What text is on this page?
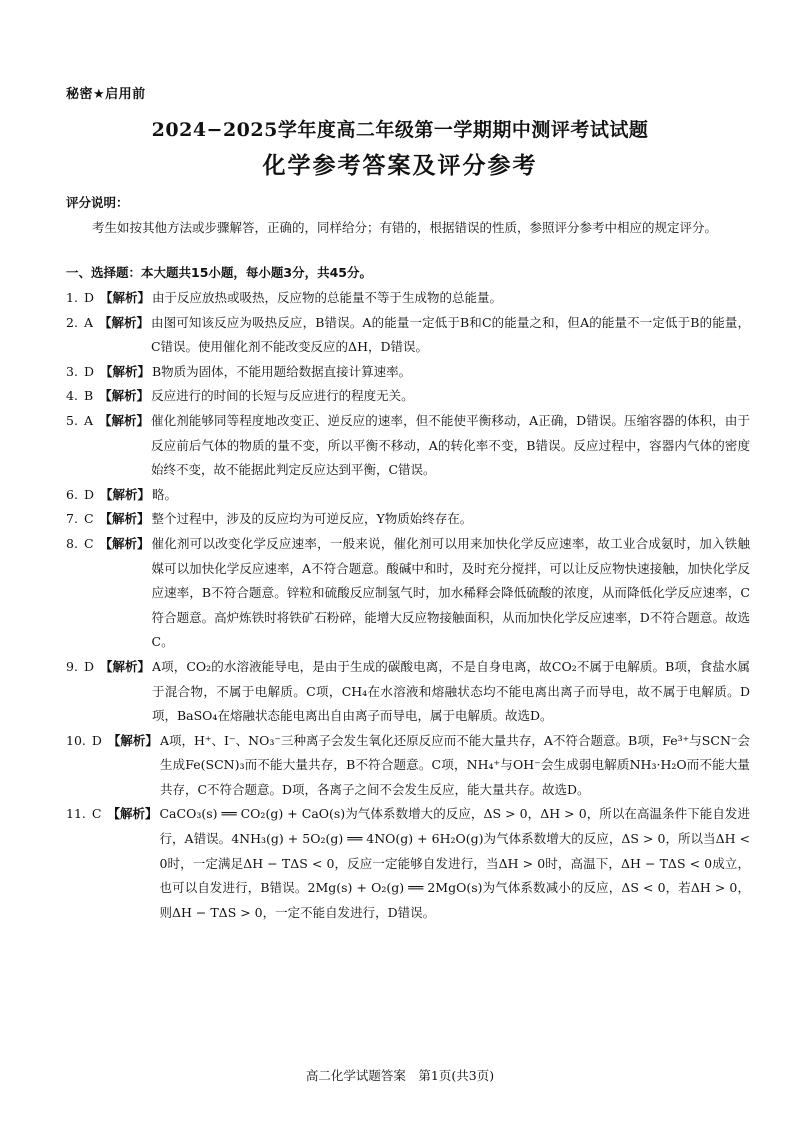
秘密★启用前
2024−2025学年度高二年级第一学期期中测评考试试题
化学参考答案及评分参考
评分说明：
考生如按其他方法或步骤解答，正确的，同样给分；有错的，根据错误的性质，参照评分参考中相应的规定评分。
一、选择题：本大题共15小题，每小题3分，共45分。
1. D 【解析】 由于反应放热或吸热，反应物的总能量不等于生成物的总能量。
2. A 【解析】 由图可知该反应为吸热反应，B错误。A的能量一定低于B和C的能量之和，但A的能量不一定低于B的能量，C错误。使用催化剂不能改变反应的ΔH，D错误。
3. D 【解析】 B物质为固体，不能用题给数据直接计算速率。
4. B 【解析】 反应进行的时间的长短与反应进行的程度无关。
5. A 【解析】 催化剂能够同等程度地改变正、逆反应的速率，但不能使平衡移动，A正确，D错误。压缩容器的体积，由于反应前后气体的物质的量不变，所以平衡不移动，A的转化率不变，B错误。反应过程中，容器内气体的密度始终不变，故不能据此判定反应达到平衡，C错误。
6. D 【解析】 略。
7. C 【解析】 整个过程中，涉及的反应均为可逆反应，Y物质始终存在。
8. C 【解析】 催化剂可以改变化学反应速率，一般来说，催化剂可以用来加快化学反应速率，故工业合成氨时，加入铁触媒可以加快化学反应速率，A不符合题意。酸碱中和时，及时充分搅拌，可以让反应物快速接触，加快化学反应速率，B不符合题意。锌粒和硫酸反应制氢气时，加水稀释会降低硫酸的浓度，从而降低化学反应速率，C符合题意。高炉炼铁时将铁矿石粉碎，能增大反应物接触面积，从而加快化学反应速率，D不符合题意。故选C。
9. D 【解析】 A项，CO₂的水溶液能导电，是由于生成的碳酸电离，不是自身电离，故CO₂不属于电解质。B项，食盐水属于混合物，不属于电解质。C项，CH₄在水溶液和熔融状态均不能电离出离子而导电，故不属于电解质。D项，BaSO₄在熔融状态能电离出自由离子而导电，属于电解质。故选D。
10. D 【解析】 A项，H⁺、I⁻、NO₃⁻三种离子会发生氧化还原反应而不能大量共存，A不符合题意。B项，Fe³⁺与SCN⁻会生成Fe(SCN)₃而不能大量共存，B不符合题意。C项，NH₄⁺与OH⁻会生成弱电解质NH₃·H₂O而不能大量共存，C不符合题意。D项，各离子之间不会发生反应，能大量共存。故选D。
11. C 【解析】 CaCO₃(s) ══ CO₂(g) + CaO(s)为气体系数增大的反应，ΔS > 0，ΔH > 0，所以在高温条件下能自发进行，A错误。4NH₃(g) + 5O₂(g) ══ 4NO(g) + 6H₂O(g)为气体系数增大的反应，ΔS > 0，所以当ΔH < 0时，一定满足ΔH − TΔS < 0，反应一定能够自发进行，当ΔH > 0时，高温下，ΔH − TΔS < 0成立，也可以自发进行，B错误。2Mg(s) + O₂(g) ══ 2MgO(s)为气体系数减小的反应，ΔS < 0，若ΔH > 0，则ΔH − TΔS > 0，一定不能自发进行，D错误。
高二化学试题答案　第1页(共3页)
